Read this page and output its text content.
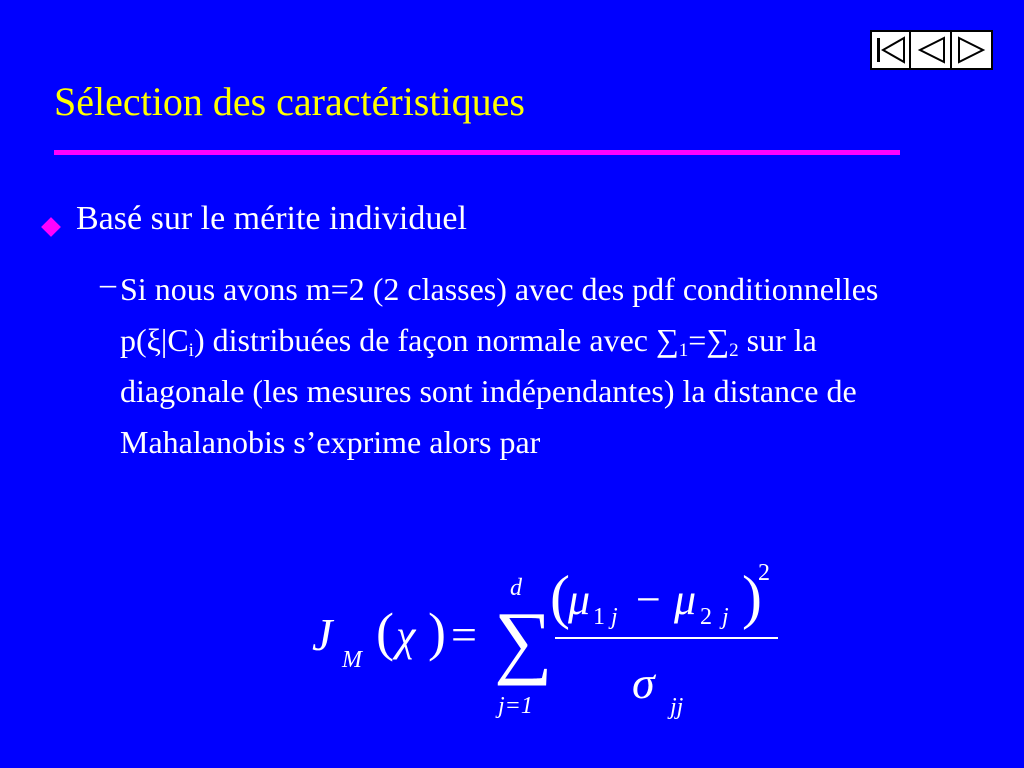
Sélection des caractéristiques
Basé sur le mérite individuel
– Si nous avons m=2 (2 classes) avec des pdf conditionnelles $p(\xi|C_i)$ distribuées de façon normale avec $\sum_1=\sum_2$ sur la diagonale (les mesures sont indépendantes) la distance de Mahalanobis s’exprime alors par
J M ( χ ) = ∑
d
j=1
(
μ 1 j − μ 2 j )
2
σ jj
